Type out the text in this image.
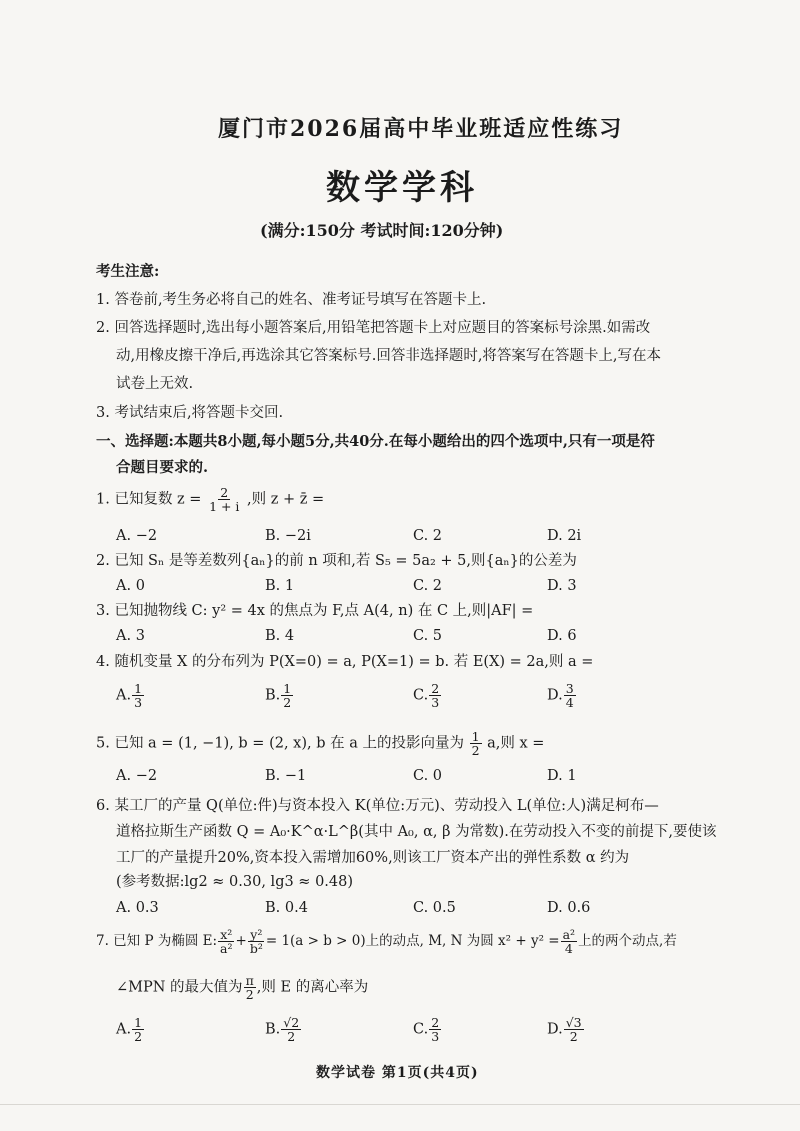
厦门市2026届高中毕业班适应性练习
数学学科
(满分:150分 考试时间:120分钟)
考生注意:
1. 答卷前,考生务必将自己的姓名、准考证号填写在答题卡上.
2. 回答选择题时,选出每小题答案后,用铅笔把答题卡上对应题目的答案标号涂黑.如需改
动,用橡皮擦干净后,再选涂其它答案标号.回答非选择题时,将答案写在答题卡上,写在本
试卷上无效.
3. 考试结束后,将答题卡交回.
一、选择题:本题共8小题,每小题5分,共40分.在每小题给出的四个选项中,只有一项是符
合题目要求的.
1. 已知复数 $z = \frac{2}{1 + i}$ ,则 z + z̄ =
A. −2	B. −2i	C. 2	D. 2i
2. 已知 Sₙ 是等差数列{aₙ}的前 n 项和,若 S₅ = 5a₂ + 5,则{aₙ}的公差为
A. 0	B. 1	C. 2	D. 3
3. 已知抛物线 C: y² = 4x 的焦点为 F,点 A(4, n) 在 C 上,则|AF| =
A. 3	B. 4	C. 5	D. 6
4. 随机变量 X 的分布列为 P(X=0) = a, P(X=1) = b. 若 E(X) = 2a,则 a =
A. $\frac{1}{3}$	B. $\frac{1}{2}$	C. $\frac{2}{3}$	D. $\frac{3}{4}$
5. 已知 a = (1, −1), b = (2, x), b 在 a 上的投影向量为 $\frac{1}{2} a$,则 x =
A. −2	B. −1	C. 0	D. 1
6. 某工厂的产量 Q(单位:件)与资本投入 K(单位:万元)、劳动投入 L(单位:人)满足柯布—
道格拉斯生产函数 Q = A₀·K^α·L^β(其中 A₀, α, β 为常数).在劳动投入不变的前提下,要使该
工厂的产量提升20%,资本投入需增加60%,则该工厂资本产出的弹性系数 α 约为
(参考数据:lg2 ≈ 0.30, lg3 ≈ 0.48)
A. 0.3	B. 0.4	C. 0.5	D. 0.6
7. 已知 P 为椭圆 E: $\frac{\text{x²}}{\text{a²}} + \frac{\text{y²}}{\text{b²}} = 1(a > b > 0)$上的动点, M, N 为圆 $x^2 + y^2 = \frac{\text{a²}}{4}$ 上的两个动点,若
∠MPN 的最大值为 $\frac{\pi}{2}$ ,则 E 的离心率为
A. $\frac{1}{2}$	B. $\frac{√2}{2}$	C. $\frac{2}{3}$	D. $\frac{√3}{2}$
数学试卷 第1页(共4页)
